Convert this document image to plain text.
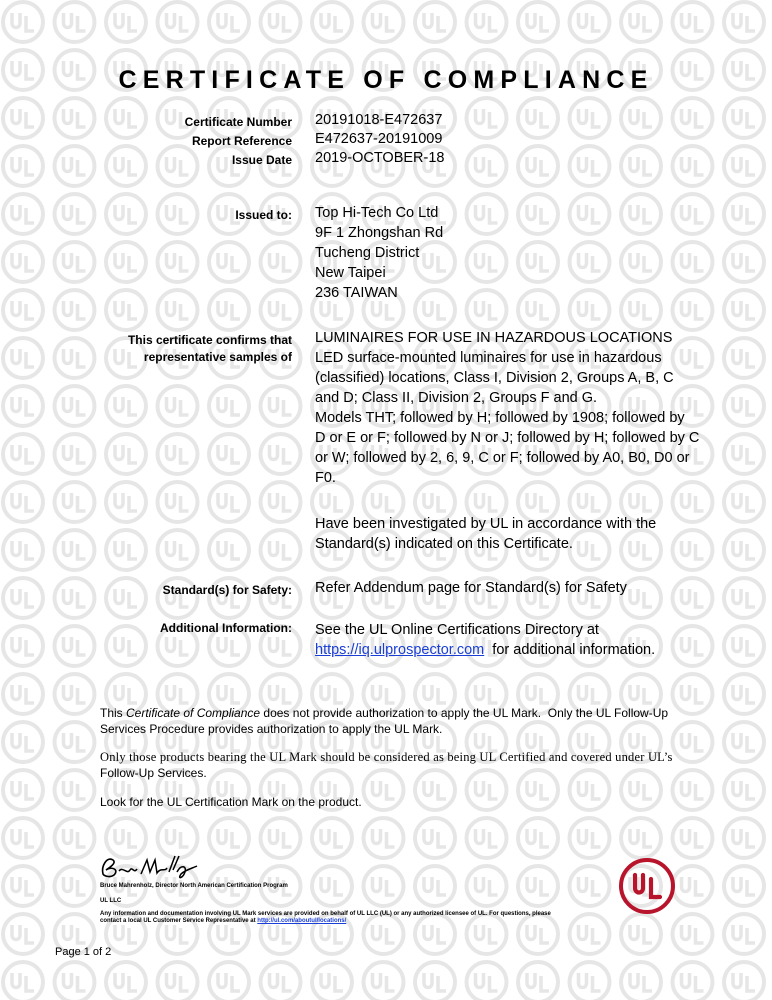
CERTIFICATE OF COMPLIANCE
Certificate Number 20191018-E472637
Report Reference E472637-20191009
Issue Date 2019-OCTOBER-18
Issued to: Top Hi-Tech Co Ltd
9F 1 Zhongshan Rd
Tucheng District
New Taipei
236 TAIWAN
This certificate confirms that
representative samples of
LUMINAIRES FOR USE IN HAZARDOUS LOCATIONS
LED surface-mounted luminaires for use in hazardous
(classified) locations, Class I, Division 2, Groups A, B, C
and D; Class II, Division 2, Groups F and G.
Models THT; followed by H; followed by 1908; followed by
D or E or F; followed by N or J; followed by H; followed by C
or W; followed by 2, 6, 9, C or F; followed by A0, B0, D0 or
F0.
Have been investigated by UL in accordance with the
Standard(s) indicated on this Certificate.
Standard(s) for Safety: Refer Addendum page for Standard(s) for Safety
Additional Information: See the UL Online Certifications Directory at
https://iq.ulprospector.com  for additional information.
This Certificate of Compliance does not provide authorization to apply the UL Mark.  Only the UL Follow-Up
Services Procedure provides authorization to apply the UL Mark.
Only those products bearing the UL Mark should be considered as being UL Certified and covered under UL’s
Follow-Up Services.
Look for the UL Certification Mark on the product.
Bruce Mahrenholz, Director North American Certification Program
UL LLC
Any information and documentation involving UL Mark services are provided on behalf of UL LLC (UL) or any authorized licensee of UL. For questions, please
contact a local UL Customer Service Representative at http://ul.com/aboutul/locations/
Page 1 of 2
